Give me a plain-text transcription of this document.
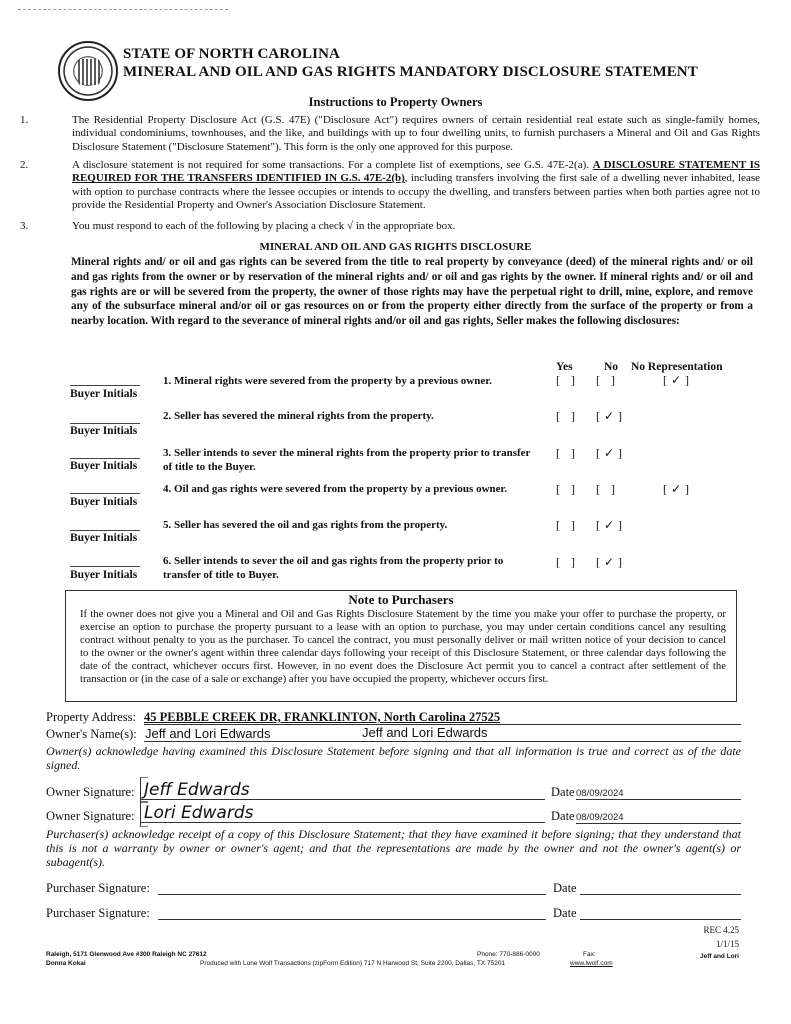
STATE OF NORTH CAROLINA
MINERAL AND OIL AND GAS RIGHTS MANDATORY DISCLOSURE STATEMENT
Instructions to Property Owners
1.	The Residential Property Disclosure Act (G.S. 47E) ("Disclosure Act") requires owners of certain residential real estate such as single-family homes, individual condominiums, townhouses, and the like, and buildings with up to four dwelling units, to furnish purchasers a Mineral and Oil and Gas Rights Disclosure Statement ("Disclosure Statement"). This form is the only one approved for this purpose.
2.	A disclosure statement is not required for some transactions. For a complete list of exemptions, see G.S. 47E-2(a). A DISCLOSURE STATEMENT IS REQUIRED FOR THE TRANSFERS IDENTIFIED IN G.S. 47E-2(b), including transfers involving the first sale of a dwelling never inhabited, lease with option to purchase contracts where the lessee occupies or intends to occupy the dwelling, and transfers between parties when both parties agree not to provide the Residential Property and Owner's Association Disclosure Statement.
3.	You must respond to each of the following by placing a check √ in the appropriate box.
MINERAL AND OIL AND GAS RIGHTS DISCLOSURE
Mineral rights and/ or oil and gas rights can be severed from the title to real property by conveyance (deed) of the mineral rights and/ or oil and gas rights from the owner or by reservation of the mineral rights and/ or oil and gas rights by the owner. If mineral rights and/ or oil and gas rights are or will be severed from the property, the owner of those rights may have the perpetual right to drill, mine, explore, and remove any of the subsurface mineral and/or oil or gas resources on or from the property either directly from the surface of the property or from a nearby location. With regard to the severance of mineral rights and/or oil and gas rights, Seller makes the following disclosures:
Yes	No No Representation
Buyer Initials
1. Mineral rights were severed from the property by a previous owner.	[ ] [ ]	[✓]
Buyer Initials
2. Seller has severed the mineral rights from the property.	[ ] [✓]
Buyer Initials
3. Seller intends to sever the mineral rights from the property prior to transfer of title to the Buyer.
[ ] [✓]
Buyer Initials
4. Oil and gas rights were severed from the property by a previous owner.	[ ] [ ]	[✓]
Buyer Initials
5. Seller has severed the oil and gas rights from the property.	[ ] [✓]
Buyer Initials
6. Seller intends to sever the oil and gas rights from the property prior to transfer of title to Buyer.
[ ] [✓]
Note to Purchasers
If the owner does not give you a Mineral and Oil and Gas Rights Disclosure Statement by the time you make your offer to purchase the property, or exercise an option to purchase the property pursuant to a lease with an option to purchase, you may under certain conditions cancel any resulting contract without penalty to you as the purchaser. To cancel the contract, you must personally deliver or mail written notice of your decision to cancel to the owner or the owner's agent within three calendar days following your receipt of this Disclosure Statement, or three calendar days following the date of the contract, whichever occurs first. However, in no event does the Disclosure Act permit you to cancel a contract after settlement of the transaction or (in the case of a sale or exchange) after you have occupied the property, whichever occurs first.
Property Address: 45 PEBBLE CREEK DR, FRANKLINTON, North Carolina 27525
Owner's Name(s): Jeff and Lori Edwards	Jeff and Lori Edwards
Owner(s) acknowledge having examined this Disclosure Statement before signing and that all information is true and correct as of the date signed.
Owner Signature: Jeff Edwards	Date 08/09/2024
Owner Signature: Lori Edwards	Date 08/09/2024
Purchaser(s) acknowledge receipt of a copy of this Disclosure Statement; that they have examined it before signing; that they understand that this is not a warranty by owner or owner's agent; and that the representations are made by the owner and not the owner's agent(s) or subagent(s).
Purchaser Signature:	Date
Purchaser Signature:	Date
REC 4.25
1/1/15
Jeff and Lori
Raleigh, 5171 Glenwood Ave #300 Raleigh NC 27612
Donna Kokai	Produced with Lone Wolf Transactions (zipForm Edition) 717 N Harwood St, Suite 2200, Dallas, TX 75201
Phone: 770-886-0000	Fax:
www.lwolf.com
